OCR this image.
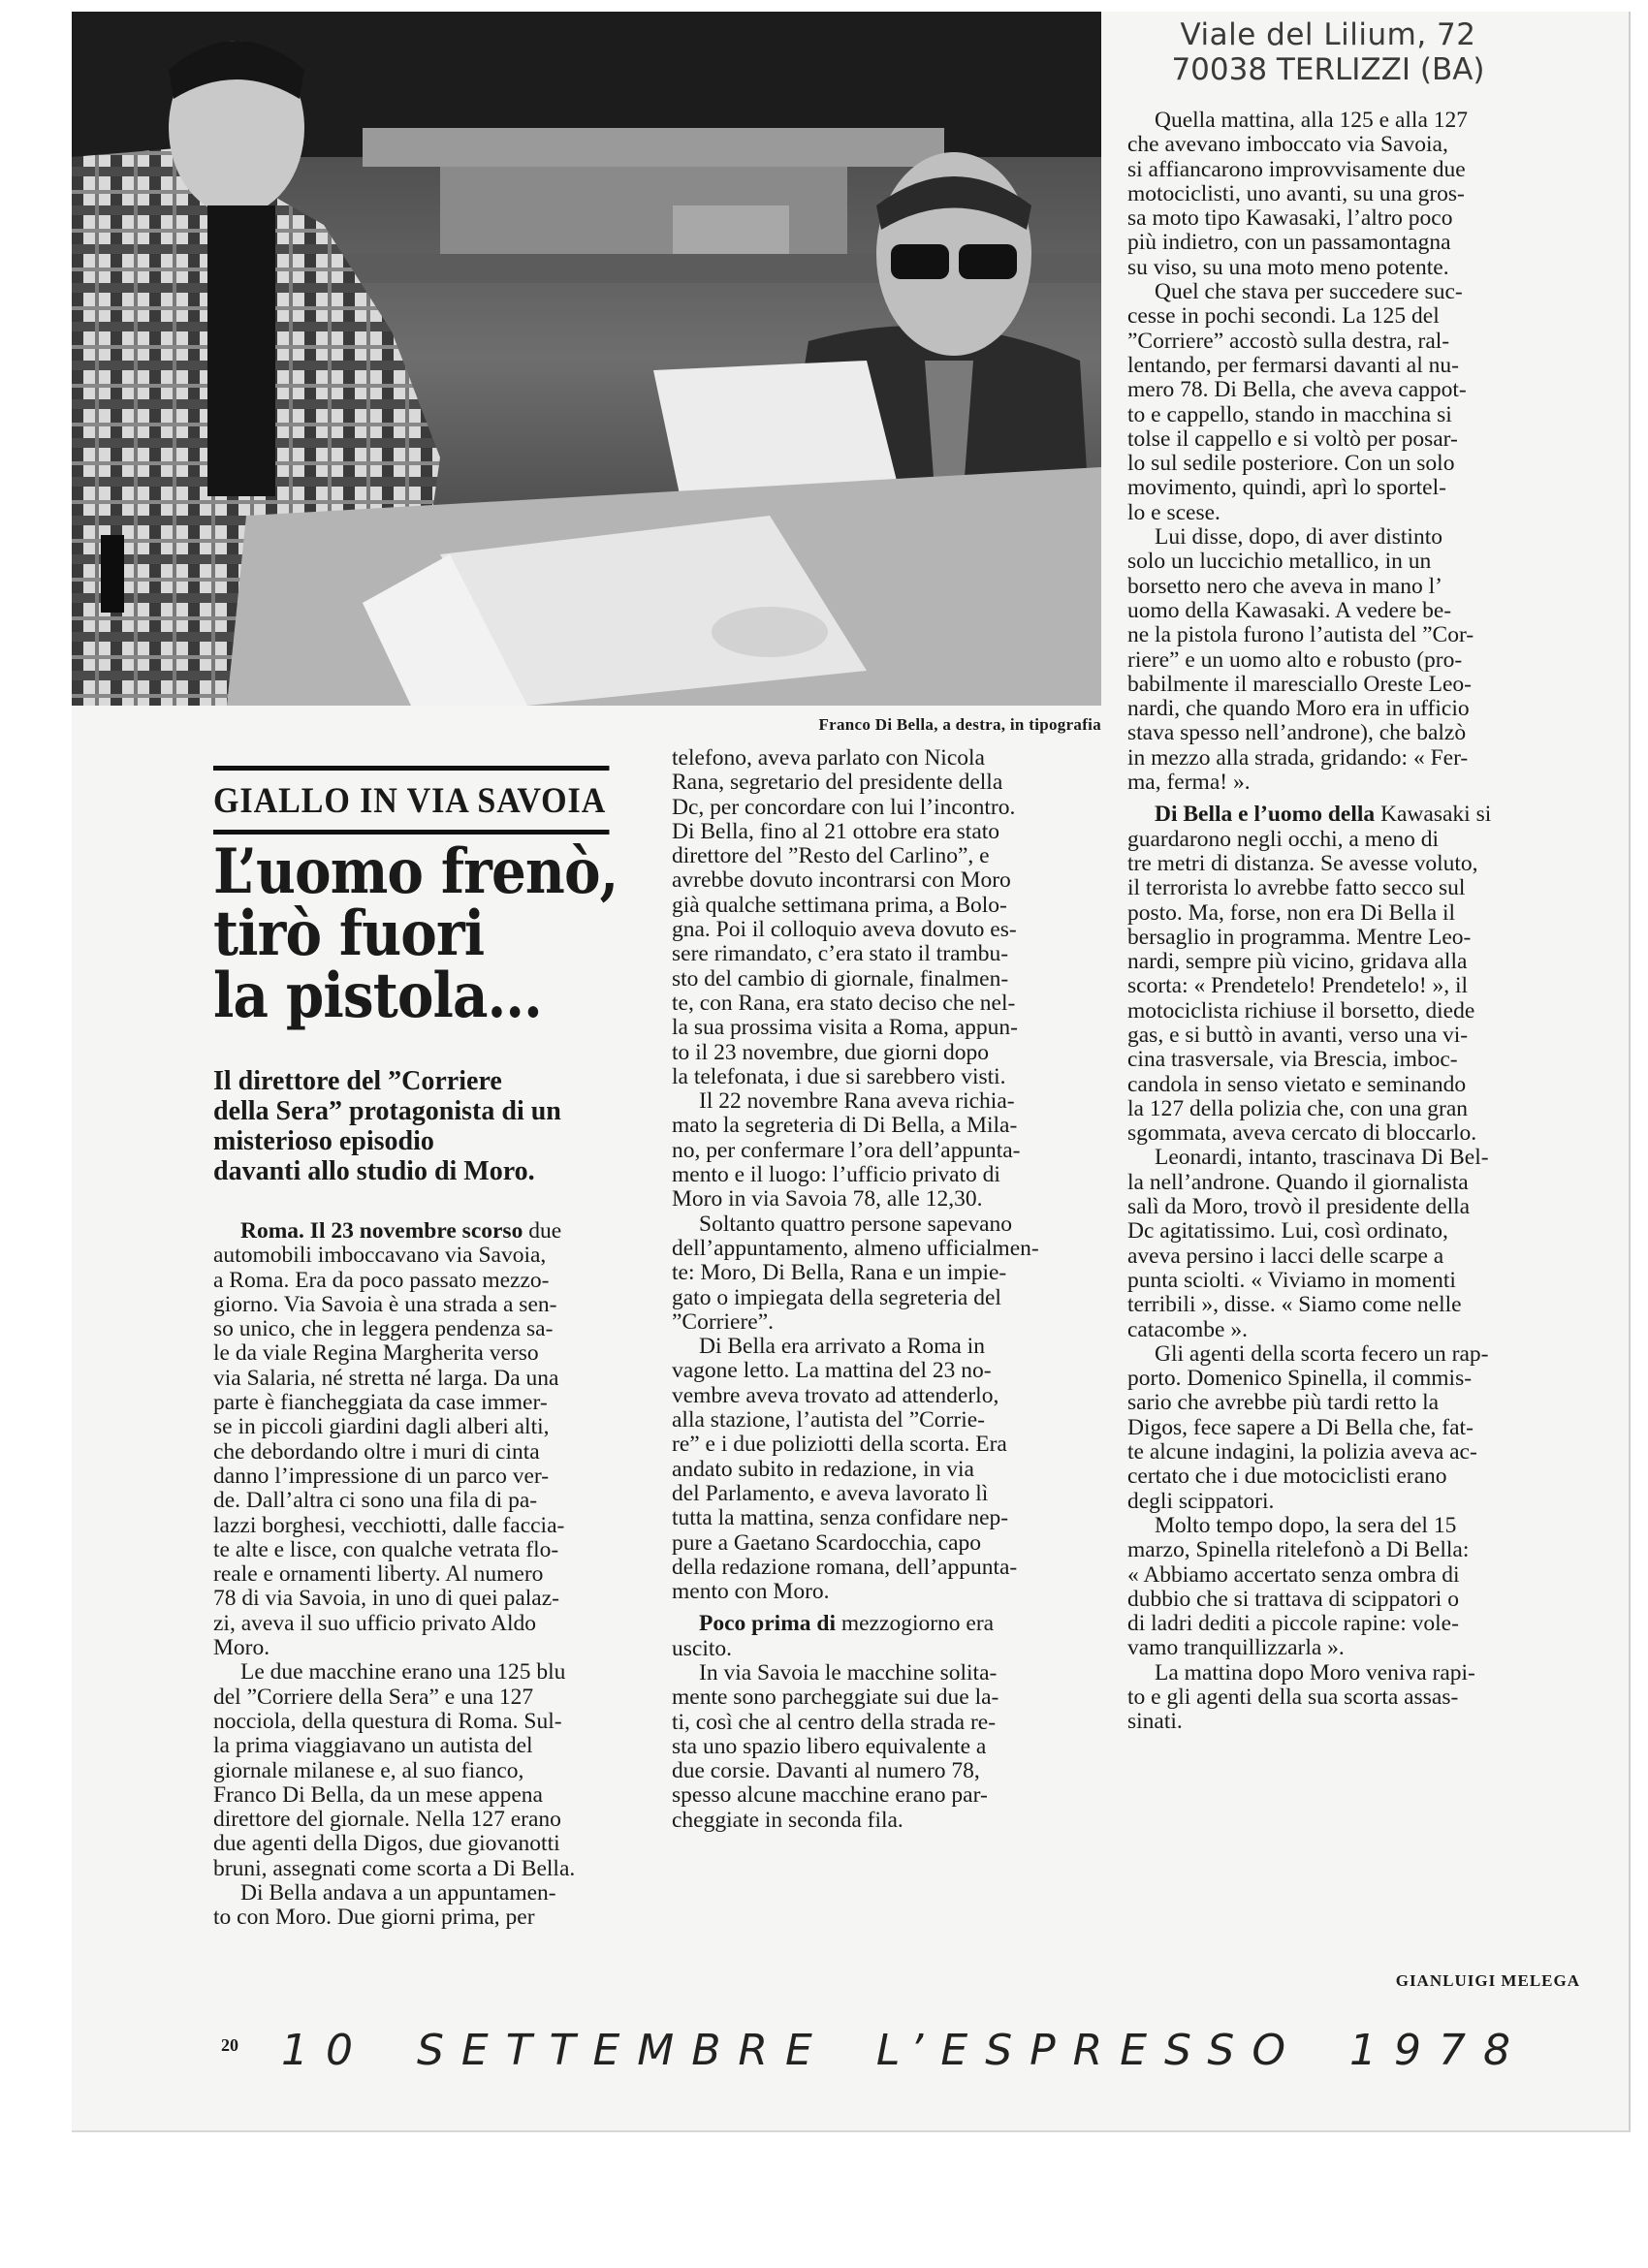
Franco Di Bella, a destra, in tipografia
Viale del Lilium, 72
70038 TERLIZZI (BA)
GIALLO IN VIA SAVOIA
L’uomo frenò,
tirò fuori
la pistola...
Il direttore del ”Corriere
della Sera” protagonista di un
misterioso episodio
davanti allo studio di Moro.
Roma. Il 23 novembre scorso due
automobili imboccavano via Savoia,
a Roma. Era da poco passato mezzo-
giorno. Via Savoia è una strada a sen-
so unico, che in leggera pendenza sa-
le da viale Regina Margherita verso
via Salaria, né stretta né larga. Da una
parte è fiancheggiata da case immer-
se in piccoli giardini dagli alberi alti,
che debordando oltre i muri di cinta
danno l’impressione di un parco ver-
de. Dall’altra ci sono una fila di pa-
lazzi borghesi, vecchiotti, dalle faccia-
te alte e lisce, con qualche vetrata flo-
reale e ornamenti liberty. Al numero
78 di via Savoia, in uno di quei palaz-
zi, aveva il suo ufficio privato Aldo
Moro.
Le due macchine erano una 125 blu
del ”Corriere della Sera” e una 127
nocciola, della questura di Roma. Sul-
la prima viaggiavano un autista del
giornale milanese e, al suo fianco,
Franco Di Bella, da un mese appena
direttore del giornale. Nella 127 erano
due agenti della Digos, due giovanotti
bruni, assegnati come scorta a Di Bella.
Di Bella andava a un appuntamen-
to con Moro. Due giorni prima, per
telefono, aveva parlato con Nicola
Rana, segretario del presidente della
Dc, per concordare con lui l’incontro.
Di Bella, fino al 21 ottobre era stato
direttore del ”Resto del Carlino”, e
avrebbe dovuto incontrarsi con Moro
già qualche settimana prima, a Bolo-
gna. Poi il colloquio aveva dovuto es-
sere rimandato, c’era stato il trambu-
sto del cambio di giornale, finalmen-
te, con Rana, era stato deciso che nel-
la sua prossima visita a Roma, appun-
to il 23 novembre, due giorni dopo
la telefonata, i due si sarebbero visti.
Il 22 novembre Rana aveva richia-
mato la segreteria di Di Bella, a Mila-
no, per confermare l’ora dell’appunta-
mento e il luogo: l’ufficio privato di
Moro in via Savoia 78, alle 12,30.
Soltanto quattro persone sapevano
dell’appuntamento, almeno ufficialmen-
te: Moro, Di Bella, Rana e un impie-
gato o impiegata della segreteria del
”Corriere”.
Di Bella era arrivato a Roma in
vagone letto. La mattina del 23 no-
vembre aveva trovato ad attenderlo,
alla stazione, l’autista del ”Corrie-
re” e i due poliziotti della scorta. Era
andato subito in redazione, in via
del Parlamento, e aveva lavorato lì
tutta la mattina, senza confidare nep-
pure a Gaetano Scardocchia, capo
della redazione romana, dell’appunta-
mento con Moro.
Poco prima di mezzogiorno era
uscito.
In via Savoia le macchine solita-
mente sono parcheggiate sui due la-
ti, così che al centro della strada re-
sta uno spazio libero equivalente a
due corsie. Davanti al numero 78,
spesso alcune macchine erano par-
cheggiate in seconda fila.
Quella mattina, alla 125 e alla 127
che avevano imboccato via Savoia,
si affiancarono improvvisamente due
motociclisti, uno avanti, su una gros-
sa moto tipo Kawasaki, l’altro poco
più indietro, con un passamontagna
su viso, su una moto meno potente.
Quel che stava per succedere suc-
cesse in pochi secondi. La 125 del
”Corriere” accostò sulla destra, ral-
lentando, per fermarsi davanti al nu-
mero 78. Di Bella, che aveva cappot-
to e cappello, stando in macchina si
tolse il cappello e si voltò per posar-
lo sul sedile posteriore. Con un solo
movimento, quindi, aprì lo sportel-
lo e scese.
Lui disse, dopo, di aver distinto
solo un luccichio metallico, in un
borsetto nero che aveva in mano l’
uomo della Kawasaki. A vedere be-
ne la pistola furono l’autista del ”Cor-
riere” e un uomo alto e robusto (pro-
babilmente il maresciallo Oreste Leo-
nardi, che quando Moro era in ufficio
stava spesso nell’androne), che balzò
in mezzo alla strada, gridando: « Fer-
ma, ferma! ».
Di Bella e l’uomo della Kawasaki si
guardarono negli occhi, a meno di
tre metri di distanza. Se avesse voluto,
il terrorista lo avrebbe fatto secco sul
posto. Ma, forse, non era Di Bella il
bersaglio in programma. Mentre Leo-
nardi, sempre più vicino, gridava alla
scorta: « Prendetelo! Prendetelo! », il
motociclista richiuse il borsetto, diede
gas, e si buttò in avanti, verso una vi-
cina trasversale, via Brescia, imboc-
candola in senso vietato e seminando
la 127 della polizia che, con una gran
sgommata, aveva cercato di bloccarlo.
Leonardi, intanto, trascinava Di Bel-
la nell’androne. Quando il giornalista
salì da Moro, trovò il presidente della
Dc agitatissimo. Lui, così ordinato,
aveva persino i lacci delle scarpe a
punta sciolti. « Viviamo in momenti
terribili », disse. « Siamo come nelle
catacombe ».
Gli agenti della scorta fecero un rap-
porto. Domenico Spinella, il commis-
sario che avrebbe più tardi retto la
Digos, fece sapere a Di Bella che, fat-
te alcune indagini, la polizia aveva ac-
certato che i due motociclisti erano
degli scippatori.
Molto tempo dopo, la sera del 15
marzo, Spinella ritelefonò a Di Bella:
« Abbiamo accertato senza ombra di
dubbio che si trattava di scippatori o
di ladri dediti a piccole rapine: vole-
vamo tranquillizzarla ».
La mattina dopo Moro veniva rapi-
to e gli agenti della sua scorta assas-
sinati.
GIANLUIGI MELEGA
20 10 SETTEMBRE L’ESPRESSO 1978
